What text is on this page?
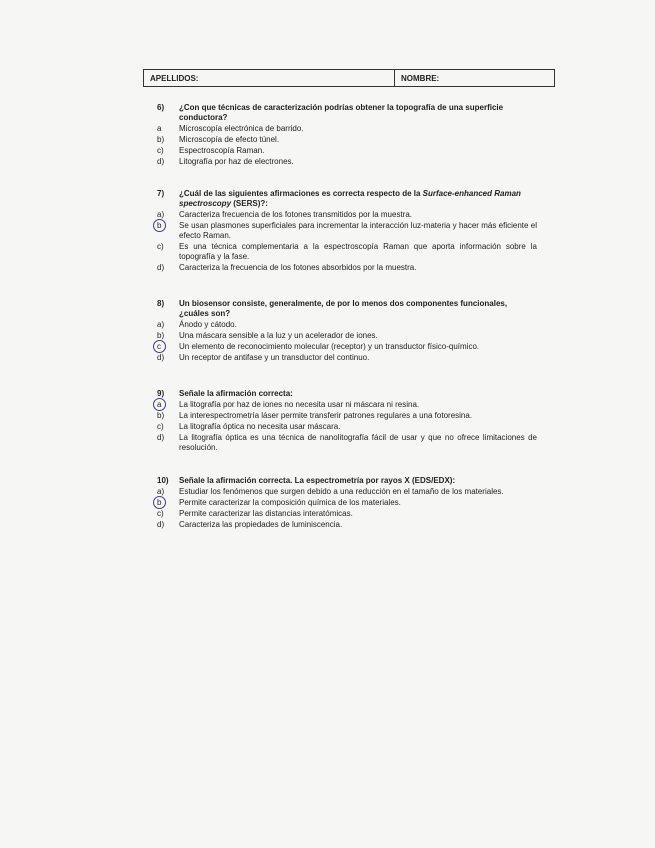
APELLIDOS:	NOMBRE:
6)	¿Con que técnicas de caracterización podrías obtener la topografía de una superficie conductora?
a	Microscopía electrónica de barrido.
b)	Microscopía de efecto túnel.
c)	Espectroscopía Raman.
d)	Litografía por haz de electrones.
7)	¿Cuál de las siguientes afirmaciones es correcta respecto de la Surface-enhanced Raman spectroscopy (SERS)?:
a)	Caracteriza frecuencia de los fotones transmitidos por la muestra.
b	Se usan plasmones superficiales para incrementar la interacción luz-materia y hacer más eficiente el efecto Raman.
c)	Es una técnica complementaria a la espectroscopía Raman que aporta información sobre la topografía y la fase.
d)	Caracteriza la frecuencia de los fotones absorbidos por la muestra.
8)	Un biosensor consiste, generalmente, de por lo menos dos componentes funcionales, ¿cuáles son?
a)	Ánodo y cátodo.
b)	Una máscara sensible a la luz y un acelerador de iones.
c	Un elemento de reconocimiento molecular (receptor) y un transductor físico-químico.
d)	Un receptor de antifase y un transductor del continuo.
9)	Señale la afirmación correcta:
a	La litografía por haz de iones no necesita usar ni máscara ni resina.
b)	La interespectrometría láser permite transferir patrones regulares a una fotoresina.
c)	La litografía óptica no necesita usar máscara.
d)	La litografía óptica es una técnica de nanolitografía fácil de usar y que no ofrece limitaciones de resolución.
10)	Señale la afirmación correcta. La espectrometría por rayos X (EDS/EDX):
a)	Estudiar los fenómenos que surgen debido a una reducción en el tamaño de los materiales.
b	Permite caracterizar la composición química de los materiales.
c)	Permite caracterizar las distancias interatómicas.
d)	Caracteriza las propiedades de luminiscencia.
